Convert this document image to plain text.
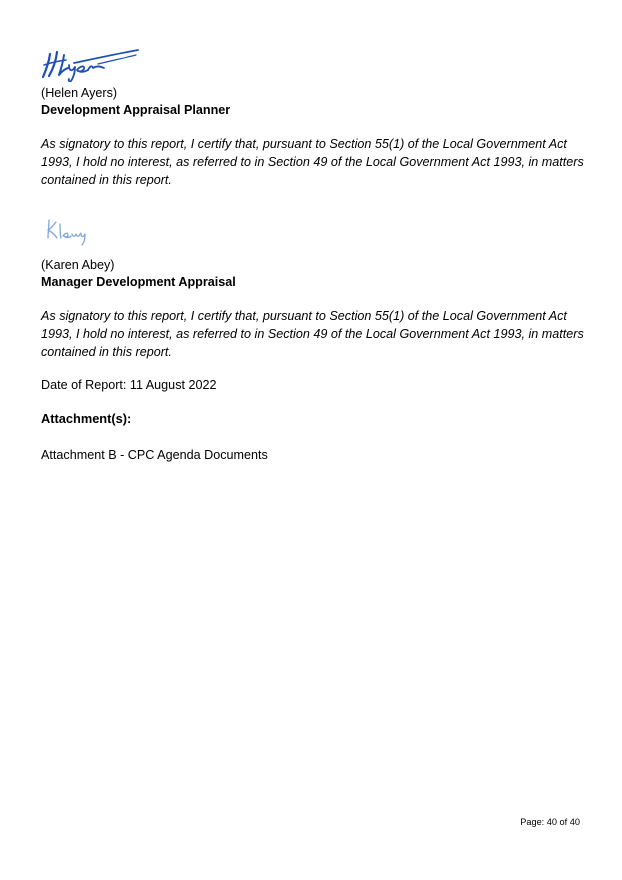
(Helen Ayers)
Development Appraisal Planner
As signatory to this report, I certify that, pursuant to Section 55(1) of the Local Government Act 1993, I hold no interest, as referred to in Section 49 of the Local Government Act 1993, in matters contained in this report.
(Karen Abey)
Manager Development Appraisal
As signatory to this report, I certify that, pursuant to Section 55(1) of the Local Government Act 1993, I hold no interest, as referred to in Section 49 of the Local Government Act 1993, in matters contained in this report.
Date of Report: 11 August 2022
Attachment(s):
Attachment B - CPC Agenda Documents
Page: 40 of 40
